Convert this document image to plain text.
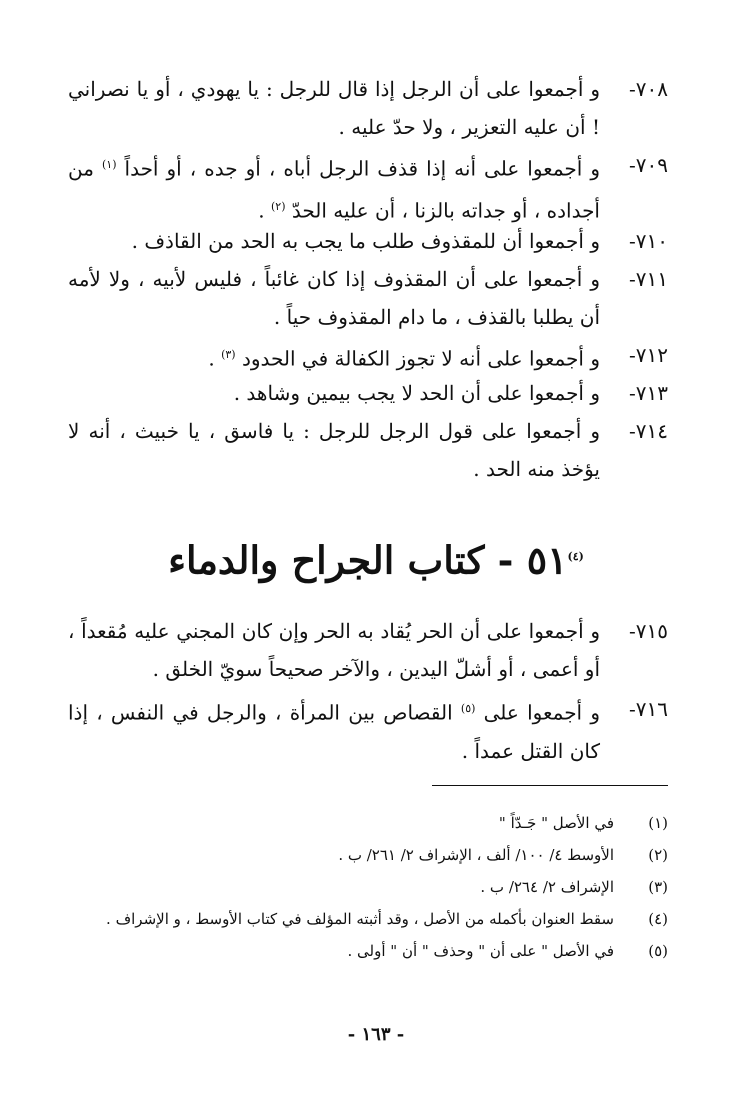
٧٠٨-
و أجمعوا على أن الرجل إذا قال للرجل : يا يهودي ، أو يا نصراني ! أن عليه التعزير ، ولا حدّ عليه .
٧٠٩-
و أجمعوا على أنه إذا قذف الرجل أباه ، أو جده ، أو أحداً $^{(١)}$ من أجداده ، أو جداته بالزنا ، أن عليه الحدّ $^{(٢)}$ .
٧١٠-
و أجمعوا أن للمقذوف طلب ما يجب به الحد من القاذف .
٧١١-
و أجمعوا على أن المقذوف إذا كان غائباً ، فليس لأبيه ، ولا لأمه أن يطلبا بالقذف ، ما دام المقذوف حياً .
٧١٢-
و أجمعوا على أنه لا تجوز الكفالة في الحدود $^{(٣)}$ .
٧١٣-
و أجمعوا على أن الحد لا يجب بيمين وشاهد .
٧١٤-
و أجمعوا على قول الرجل للرجل : يا فاسق ، يا خبيث ، أنه لا يؤخذ منه الحد .
$^{(٤)}$٥١ - كتاب الجراح والدماء
٧١٥-
و أجمعوا على أن الحر يُقاد به الحر وإن كان المجني عليه مُقعداً ، أو أعمى ، أو أشلّ اليدين ، والآخر صحيحاً سويّ الخلق .
٧١٦-
و أجمعوا على $^{(٥)}$ القصاص بين المرأة ، والرجل في النفس ، إذا كان القتل عمداً .
(١)
في الأصل " جَـدّاً "
(٢)
الأوسط ٤/ ١٠٠/ ألف ، الإشراف ٢/ ٢٦١/ ب .
(٣)
الإشراف ٢/ ٢٦٤/ ب .
(٤)
سقط العنوان بأكمله من الأصل ، وقد أثبته المؤلف في كتاب الأوسط ، و الإشراف .
(٥)
في الأصل " على أن " وحذف " أن " أولى .
- ١٦٣ -
